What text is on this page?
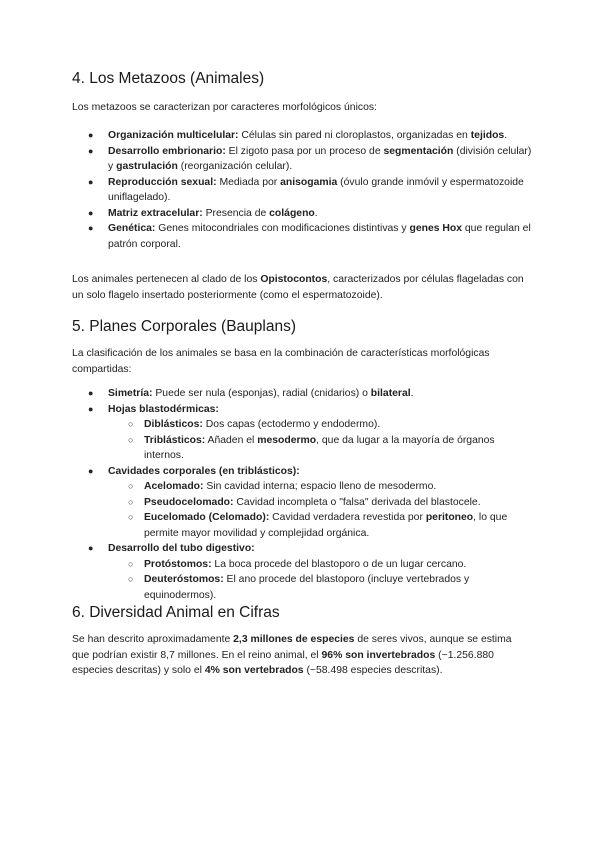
4. Los Metazoos (Animales)

Los metazoos se caracterizan por caracteres morfológicos únicos:

● Organización multicelular: Células sin pared ni cloroplastos, organizadas en tejidos.
● Desarrollo embrionario: El zigoto pasa por un proceso de segmentación (división celular) y gastrulación (reorganización celular).
● Reproducción sexual: Mediada por anisogamia (óvulo grande inmóvil y espermatozoide uniflagelado).
● Matriz extracelular: Presencia de colágeno.
● Genética: Genes mitocondriales con modificaciones distintivas y genes Hox que regulan el patrón corporal.

Los animales pertenecen al clado de los Opistocontos, caracterizados por células flageladas con un solo flagelo insertado posteriormente (como el espermatozoide).

5. Planes Corporales (Bauplans)

La clasificación de los animales se basa en la combinación de características morfológicas compartidas:

● Simetría: Puede ser nula (esponjas), radial (cnidarios) o bilateral.
● Hojas blastodérmicas:
○ Diblásticos: Dos capas (ectodermo y endodermo).
○ Triblásticos: Añaden el mesodermo, que da lugar a la mayoría de órganos internos.
● Cavidades corporales (en triblásticos):
○ Acelomado: Sin cavidad interna; espacio lleno de mesodermo.
○ Pseudocelomado: Cavidad incompleta o "falsa" derivada del blastocele.
○ Eucelomado (Celomado): Cavidad verdadera revestida por peritoneo, lo que permite mayor movilidad y complejidad orgánica.
● Desarrollo del tubo digestivo:
○ Protóstomos: La boca procede del blastoporo o de un lugar cercano.
○ Deuteróstomos: El ano procede del blastoporo (incluye vertebrados y equinodermos).
6. Diversidad Animal en Cifras

Se han descrito aproximadamente 2,3 millones de especies de seres vivos, aunque se estima que podrían existir 8,7 millones. En el reino animal, el 96% son invertebrados (~1.256.880 especies descritas) y solo el 4% son vertebrados (~58.498 especies descritas).
